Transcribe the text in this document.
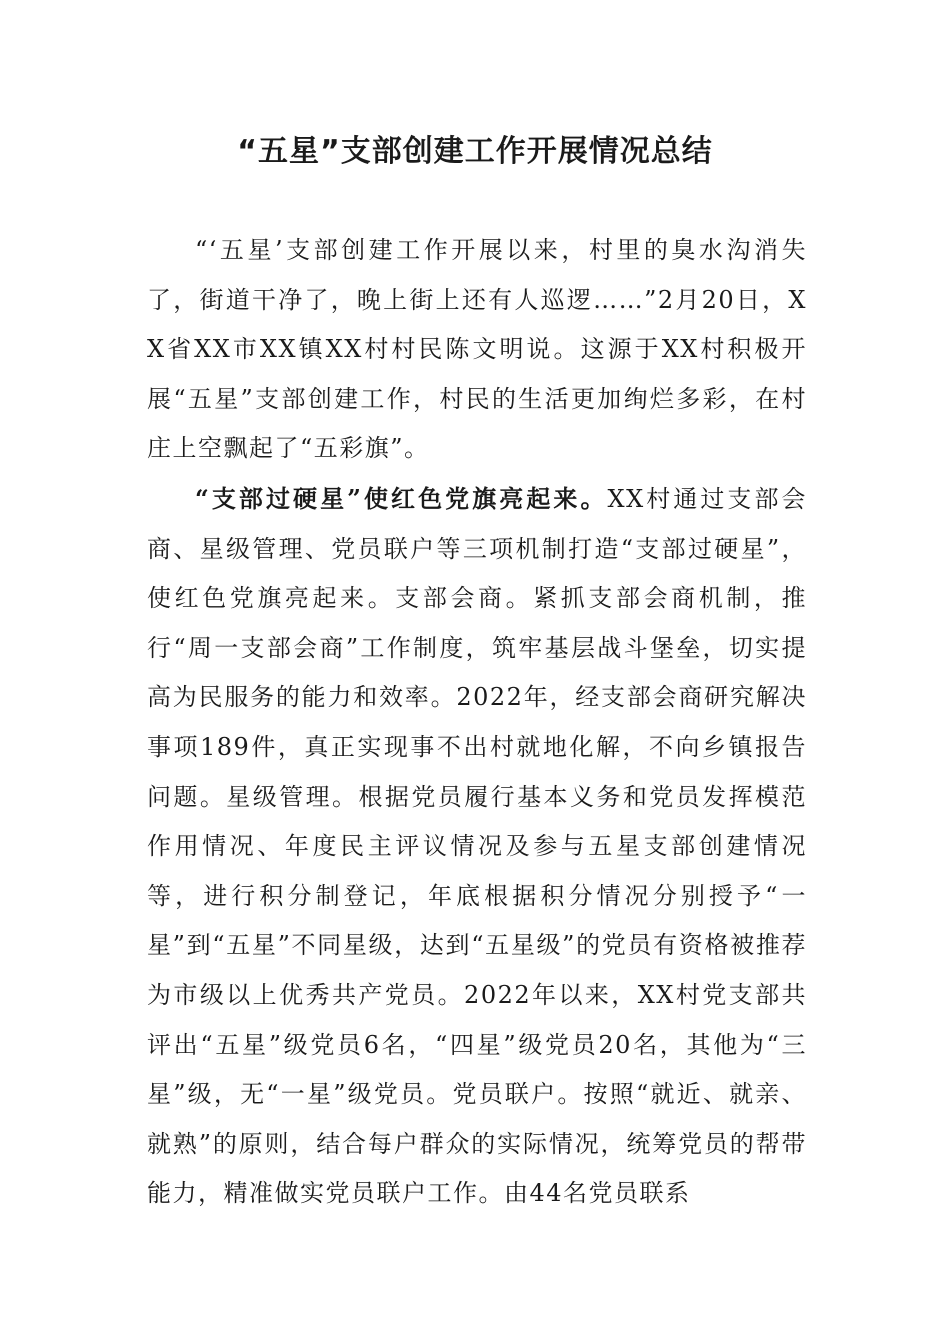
“五星”支部创建工作开展情况总结

“‘五星’支部创建工作开展以来，村里的臭水沟消失了，街道干净了，晚上街上还有人巡逻……”2月20日，XX省XX市XX镇XX村村民陈文明说。这源于XX村积极开展“五星”支部创建工作，村民的生活更加绚烂多彩，在村庄上空飘起了“五彩旗”。

“支部过硬星”使红色党旗亮起来。XX村通过支部会商、星级管理、党员联户等三项机制打造“支部过硬星”，使红色党旗亮起来。支部会商。紧抓支部会商机制，推行“周一支部会商”工作制度，筑牢基层战斗堡垒，切实提高为民服务的能力和效率。2022年，经支部会商研究解决事项189件，真正实现事不出村就地化解，不向乡镇报告问题。星级管理。根据党员履行基本义务和党员发挥模范作用情况、年度民主评议情况及参与五星支部创建情况等，进行积分制登记，年底根据积分情况分别授予“一星”到“五星”不同星级，达到“五星级”的党员有资格被推荐为市级以上优秀共产党员。2022年以来，XX村党支部共评出“五星”级党员6名，“四星”级党员20名，其他为“三星”级，无“一星”级党员。党员联户。按照“就近、就亲、就熟”的原则，结合每户群众的实际情况，统筹党员的帮带能力，精准做实党员联户工作。由44名党员联系
